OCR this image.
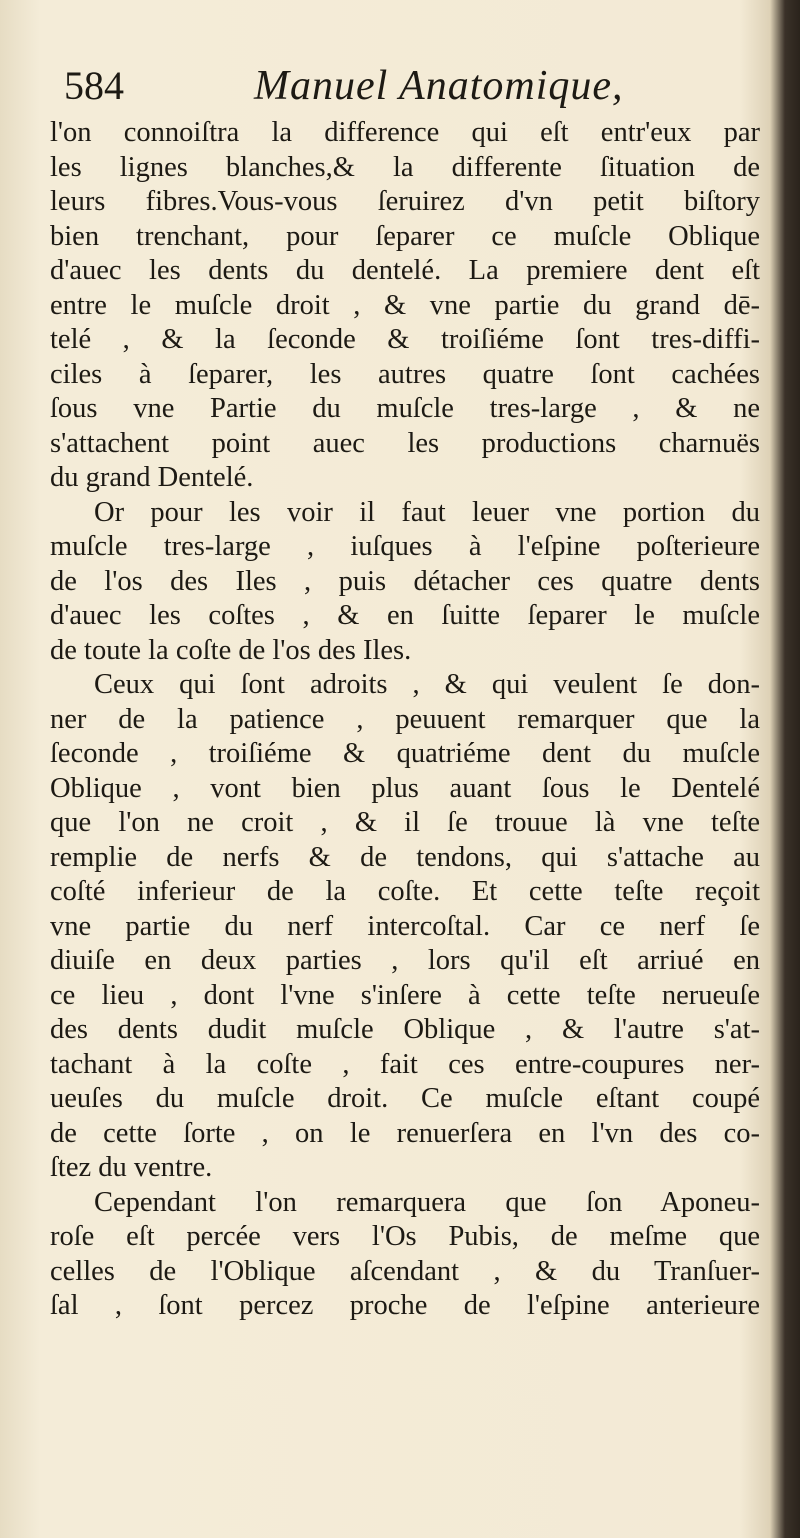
584	Manuel Anatomique,
l'on connoiſtra la difference qui eſt entr'eux par
les lignes blanches,& la differente ſituation de
leurs fibres.Vous-vous ſeruirez d'vn petit biſtory
bien trenchant, pour ſeparer ce muſcle Oblique
d'auec les dents du dentelé. La premiere dent eſt
entre le muſcle droit , & vne partie du grand dē-
telé , & la ſeconde & troiſiéme ſont tres-diffi-
ciles à ſeparer, les autres quatre ſont cachées
ſous vne Partie du muſcle tres-large , & ne
s'attachent point auec les productions charnuës
du grand Dentelé.
Or pour les voir il faut leuer vne portion du
muſcle tres-large , iuſques à l'eſpine poſterieure
de l'os des Iles , puis détacher ces quatre dents
d'auec les coſtes , & en ſuitte ſeparer le muſcle
de toute la coſte de l'os des Iles.
Ceux qui ſont adroits , & qui veulent ſe don-
ner de la patience , peuuent remarquer que la
ſeconde , troiſiéme & quatriéme dent du muſcle
Oblique , vont bien plus auant ſous le Dentelé
que l'on ne croit , & il ſe trouue là vne teſte
remplie de nerfs & de tendons, qui s'attache au
coſté inferieur de la coſte. Et cette teſte reçoit
vne partie du nerf intercoſtal. Car ce nerf ſe
diuiſe en deux parties , lors qu'il eſt arriué en
ce lieu , dont l'vne s'inſere à cette teſte nerueuſe
des dents dudit muſcle Oblique , & l'autre s'at-
tachant à la coſte , fait ces entre-coupures ner-
ueuſes du muſcle droit. Ce muſcle eſtant coupé
de cette ſorte , on le renuerſera en l'vn des co-
ſtez du ventre.
Cependant l'on remarquera que ſon Aponeu-
roſe eſt percée vers l'Os Pubis, de meſme que
celles de l'Oblique aſcendant , & du Tranſuer-
ſal , ſont percez proche de l'eſpine anterieure
